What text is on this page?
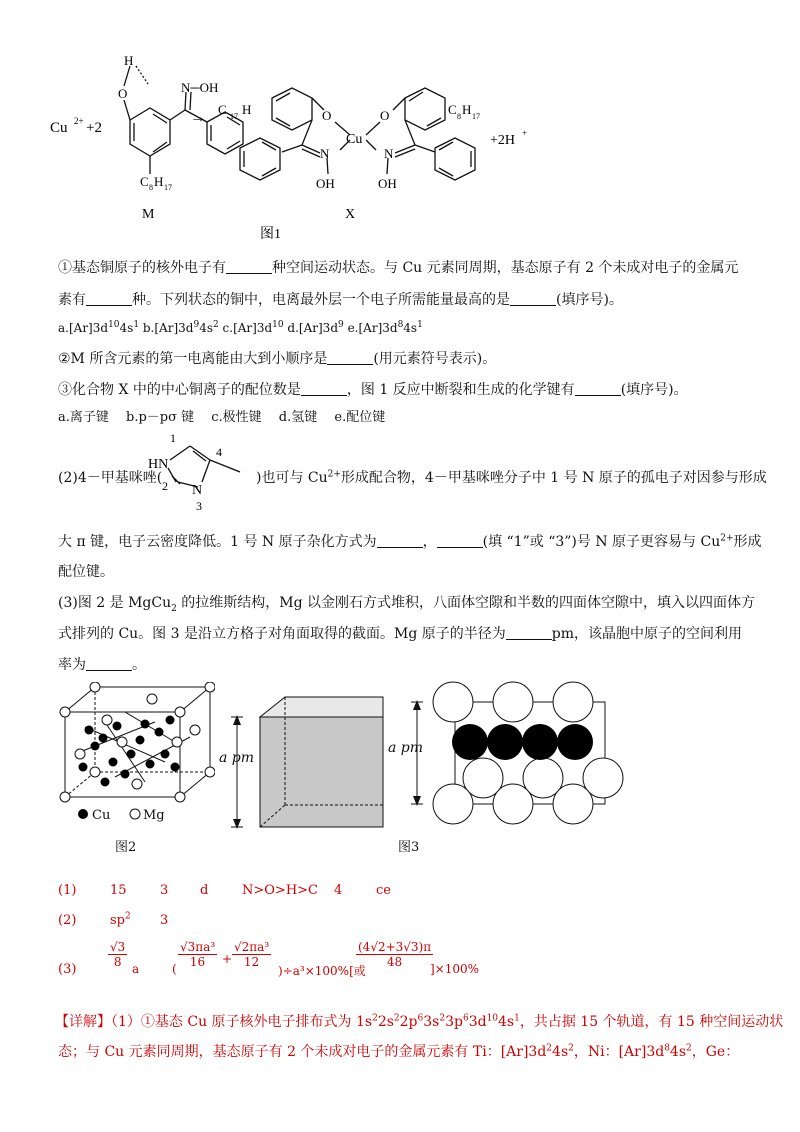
Cu 2+ +2
H
O	N─OH
C 8 H 17
M
→ C 17 H	O
Cu
O
N	N
OH	OH
C 8 H 17
+2H +
X
图1
①基态铜原子的核外电子有	种空间运动状态。与 Cu 元素同周期，基态原子有 2 个未成对电子的金属元
素有	种。下列状态的铜中，电离最外层一个电子所需能量最高的是	(填序号)。
$a.[Ar]3d^{10}4s^1$ $b.[Ar]3d^94s^2$ $c.[Ar]3d^{10}$ $d.[Ar]3d^9$ $e.[Ar]3d^84s^1$
②M 所含元素的第一电离能由大到小顺序是	(用元素符号表示)。
③化合物 X 中的中心铜离子的配位数是	，图 1 反应中断裂和生成的化学键有	(填序号)。
a.离子键　 b.p－pσ 键　 c.极性键　 d.氢键　 e.配位键
(2)4－甲基咪唑(
1
HN
2 N
3
4
)也可与 $Cu^{2+}$形成配合物，4－甲基咪唑分子中 1 号 N 原子的孤电子对因参与形成
大 π 键，电子云密度降低。1 号 N 原子杂化方式为	，	(填 “1”或 “3”)号 N 原子更容易与 $Cu^{2+}$形成
配位键。
(3)图 2 是 MgCu$_2$ 的拉维斯结构，Mg 以金刚石方式堆积，八面体空隙和半数的四面体空隙中，填入以四面体方
式排列的 Cu。图 3 是沿立方格子对角面取得的截面。Mg 原子的半径为	pm，该晶胞中原子的空间利用
率为	。
Cu	Mg
图2
a pm
a pm
图3
(1)	15	3 d	N>O>H>C 4	ce
(2)	$sp^2$ 3
(3)
$\frac{√3}{8}$ a	( $\frac{\text{√3πa³}}{16} + \frac{\text{√2πa³}}{12}$
)÷a³×100%[或
$\frac{(4√2+3√3)\pi}{48}$
]×100%
【详解】（1）①基态 Cu 原子核外电子排布式为 $1s^22s^22p^63s^23p^63d^{10}4s^1$，共占据 15 个轨道，有 15 种空间运动状
态；与 Cu 元素同周期，基态原子有 2 个未成对电子的金属元素有 Ti：$[Ar]3d^24s^2$，Ni：$[Ar]3d^84s^2$，Ge：
